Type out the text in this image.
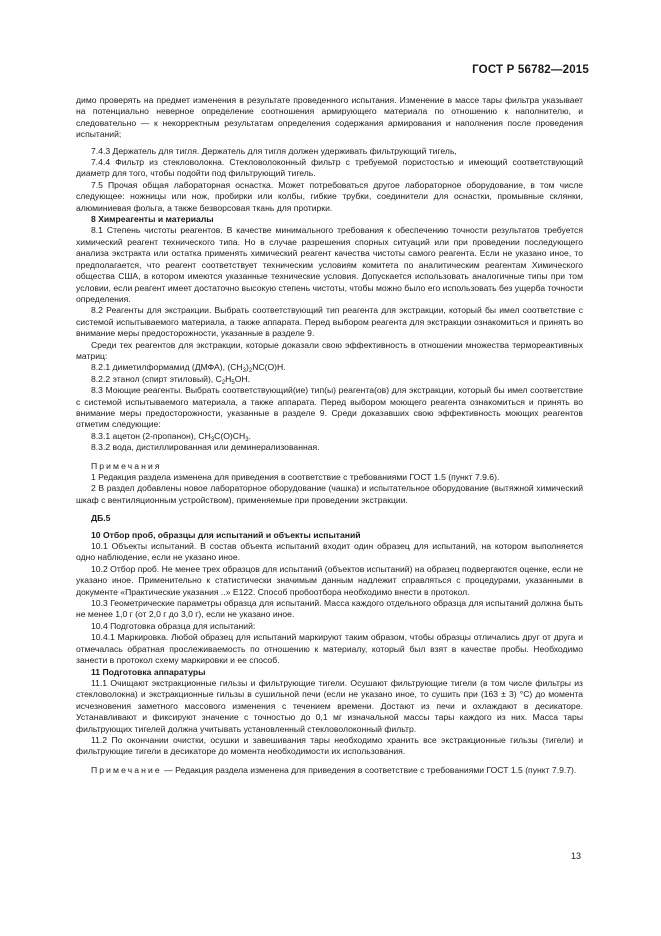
ГОСТ Р 56782—2015

димо проверять на предмет изменения в результате проведенного испытания. Изменение в массе тары фильтра указывает на потенциально неверное определение соотношения армирующего материала по отношению к наполнителю, и следовательно — к некорректным результатам определения содержания армирования и наполнения после проведения испытаний;

7.4.3 Держатель для тигля. Держатель для тигля должен удерживать фильтрующий тигель,

7.4.4 Фильтр из стекловолокна. Стекловолоконный фильтр с требуемой пористостью и имеющий соответствующий диаметр для того, чтобы подойти под фильтрующий тигель.

7.5 Прочая общая лабораторная оснастка. Может потребоваться другое лабораторное оборудование, в том числе следующее: ножницы или нож, пробирки или колбы, гибкие трубки, соединители для оснастки, промывные склянки, алюминиевая фольга, а также безворсовая ткань для протирки.

8 Химреагенты и материалы

8.1 Степень чистоты реагентов. В качестве минимального требования к обеспечению точности результатов требуется химический реагент технического типа. Но в случае разрешения спорных ситуаций или при проведении последующего анализа экстракта или остатка применять химический реагент качества чистоты самого реагента. Если не указано иное, то предполагается, что реагент соответствует техническим условиям комитета по аналитическим реагентам Химического общества США, в котором имеются указанные технические условия. Допускается использовать аналогичные типы при том условии, если реагент имеет достаточно высокую степень чистоты, чтобы можно было его использовать без ущерба точности определения.

8.2 Реагенты для экстракции. Выбрать соответствующий тип реагента для экстракции, который бы имел соответствие с системой испытываемого материала, а также аппарата. Перед выбором реагента для экстракции ознакомиться и принять во внимание меры предосторожности, указанные в разделе 9.

Среди тех реагентов для экстракции, которые доказали свою эффективность в отношении множества термореактивных матриц:

8.2.1 диметилформамид (ДМФА), $(CH_3)_2NC(O)H$.

8.2.2 этанол (спирт этиловый), $C_2H_5OH$.

8.3 Моющие реагенты. Выбрать соответствующий(ие) тип(ы) реагента(ов) для экстракции, который бы имел соответствие с системой испытываемого материала, а также аппарата. Перед выбором моющего реагента ознакомиться и принять во внимание меры предосторожности, указанные в разделе 9. Среди доказавших свою эффективность моющих реагентов отметим следующие:

8.3.1 ацетон (2-пропанон), $CH_3C(O)CH_3$.

8.3.2 вода, дистиллированная или деминерализованная.

Примечания

1 Редакция раздела изменена для приведения в соответствие с требованиями ГОСТ 1.5 (пункт 7.9.6).

2 В раздел добавлены новое лабораторное оборудование (чашка) и испытательное оборудование (вытяжной химический шкаф с вентиляционным устройством), применяемые при проведении экстракции.

ДБ.5

10 Отбор проб, образцы для испытаний и объекты испытаний

10.1 Объекты испытаний. В состав объекта испытаний входит один образец для испытаний, на котором выполняется одно наблюдение, если не указано иное.

10.2 Отбор проб. Не менее трех образцов для испытаний (объектов испытаний) на образец подвергаются оценке, если не указано иное. Применительно к статистически значимым данным надлежит справляться с процедурами, указанными в документе «Практические указания ..» Е122. Способ пробоотбора необходимо внести в протокол.

10.3 Геометрические параметры образца для испытаний. Масса каждого отдельного образца для испытаний должна быть не менее 1,0 г (от 2,0 г до 3,0 г), если не указано иное.

10.4 Подготовка образца для испытаний:

10.4.1 Маркировка. Любой образец для испытаний маркируют таким образом, чтобы образцы отличались друг от друга и отмечалась обратная прослеживаемость по отношению к материалу, который был взят в качестве пробы. Необходимо занести в протокол схему маркировки и ее способ.

11 Подготовка аппаратуры

11.1 Очищают экстракционные гильзы и фильтрующие тигели. Осушают фильтрующие тигели (в том числе фильтры из стекловолокна) и экстракционные гильзы в сушильной печи (если не указано иное, то сушить при (163 ± 3) °C) до момента исчезновения заметного массового изменения с течением времени. Достают из печи и охлаждают в десикаторе. Устанавливают и фиксируют значение с точностью до 0,1 мг изначальной массы тары каждого из них. Масса тары фильтрующих тигелей должна учитывать установленный стекловолоконный фильтр.

11.2 По окончании очистки, осушки и завешивания тары необходимо хранить все экстракционные гильзы (тигели) и фильтрующие тигели в десикаторе до момента необходимости их использования.

Примечание — Редакция раздела изменена для приведения в соответствие с требованиями ГОСТ 1.5 (пункт 7.9.7).

13
